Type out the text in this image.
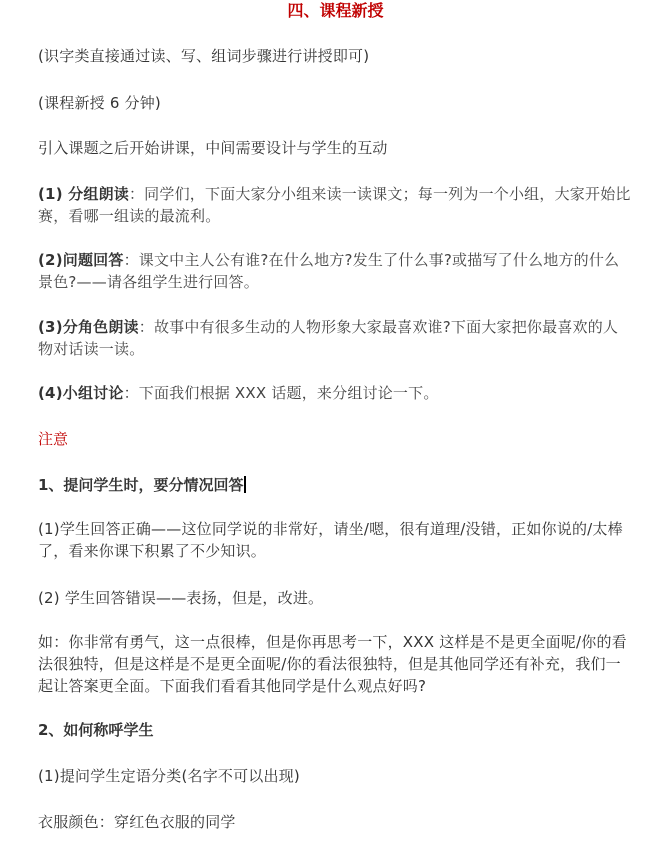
四、课程新授
(识字类直接通过读、写、组词步骤进行讲授即可)
(课程新授 6 分钟)
引入课题之后开始讲课，中间需要设计与学生的互动
(1) 分组朗读：同学们，下面大家分小组来读一读课文；每一列为一个小组，大家开始比赛，看哪一组读的最流利。
(2)问题回答：课文中主人公有谁?在什么地方?发生了什么事?或描写了什么地方的什么景色?——请各组学生进行回答。
(3)分角色朗读：故事中有很多生动的人物形象大家最喜欢谁?下面大家把你最喜欢的人物对话读一读。
(4)小组讨论：下面我们根据 XXX 话题，来分组讨论一下。
注意
1、提问学生时，要分情况回答
(1)学生回答正确——这位同学说的非常好，请坐/嗯，很有道理/没错，正如你说的/太棒了，看来你课下积累了不少知识。
(2) 学生回答错误——表扬，但是，改进。
如：你非常有勇气，这一点很棒，但是你再思考一下，XXX 这样是不是更全面呢/你的看法很独特，但是这样是不是更全面呢/你的看法很独特，但是其他同学还有补充，我们一起让答案更全面。下面我们看看其他同学是什么观点好吗?
2、如何称呼学生
(1)提问学生定语分类(名字不可以出现)
衣服颜色：穿红色衣服的同学
